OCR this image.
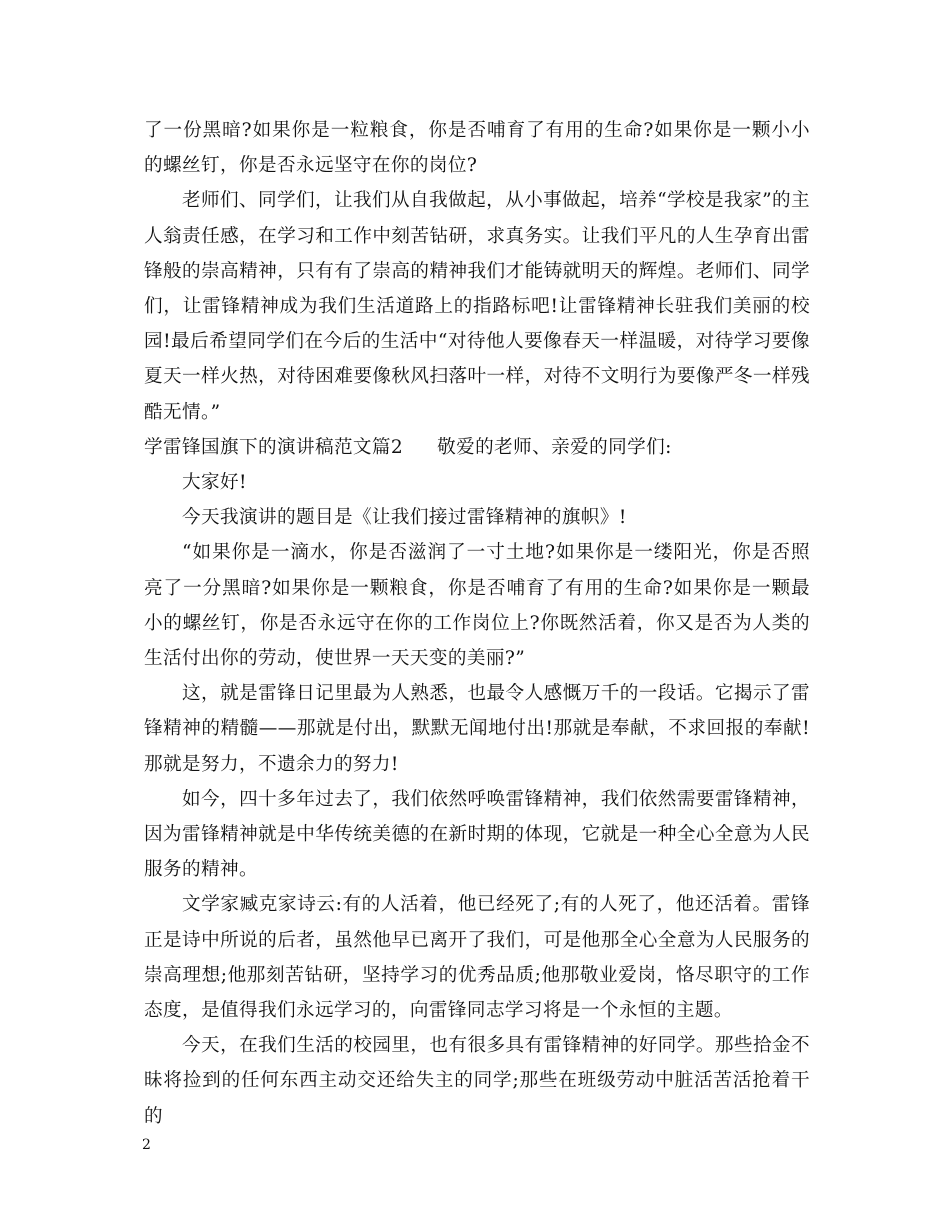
了一份黑暗?如果你是一粒粮食，你是否哺育了有用的生命?如果你是一颗小小的螺丝钉，你是否永远坚守在你的岗位?

老师们、同学们，让我们从自我做起，从小事做起，培养“学校是我家”的主人翁责任感，在学习和工作中刻苦钻研，求真务实。让我们平凡的人生孕育出雷锋般的崇高精神，只有有了崇高的精神我们才能铸就明天的辉煌。老师们、同学们，让雷锋精神成为我们生活道路上的指路标吧!让雷锋精神长驻我们美丽的校园!最后希望同学们在今后的生活中“对待他人要像春天一样温暖，对待学习要像夏天一样火热，对待困难要像秋风扫落叶一样，对待不文明行为要像严冬一样残酷无情。”

学雷锋国旗下的演讲稿范文篇2 敬爱的老师、亲爱的同学们:

大家好!

今天我演讲的题目是《让我们接过雷锋精神的旗帜》!

“如果你是一滴水，你是否滋润了一寸土地?如果你是一缕阳光，你是否照亮了一分黑暗?如果你是一颗粮食，你是否哺育了有用的生命?如果你是一颗最小的螺丝钉，你是否永远守在你的工作岗位上?你既然活着，你又是否为人类的生活付出你的劳动，使世界一天天变的美丽?”

这，就是雷锋日记里最为人熟悉，也最令人感慨万千的一段话。它揭示了雷锋精神的精髓——那就是付出，默默无闻地付出!那就是奉献，不求回报的奉献!那就是努力，不遗余力的努力!

如今，四十多年过去了，我们依然呼唤雷锋精神，我们依然需要雷锋精神，因为雷锋精神就是中华传统美德的在新时期的体现，它就是一种全心全意为人民服务的精神。

文学家臧克家诗云:有的人活着，他已经死了;有的人死了，他还活着。雷锋正是诗中所说的后者，虽然他早已离开了我们，可是他那全心全意为人民服务的崇高理想;他那刻苦钻研，坚持学习的优秀品质;他那敬业爱岗，恪尽职守的工作态度，是值得我们永远学习的，向雷锋同志学习将是一个永恒的主题。

今天，在我们生活的校园里，也有很多具有雷锋精神的好同学。那些拾金不昧将捡到的任何东西主动交还给失主的同学;那些在班级劳动中脏活苦活抢着干的

2
